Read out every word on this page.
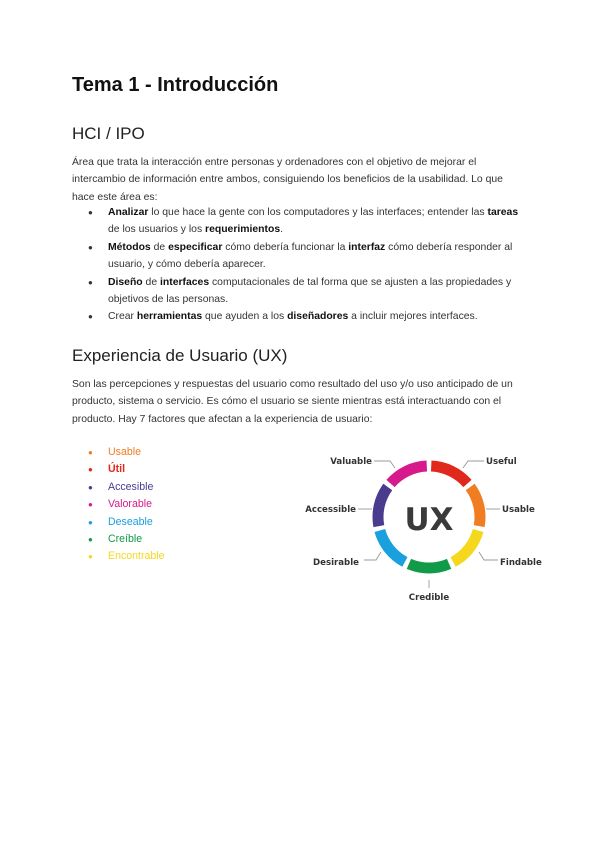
Tema 1 - Introducción
HCI / IPO

Área que trata la interacción entre personas y ordenadores con el objetivo de mejorar el intercambio de información entre ambos, consiguiendo los beneficios de la usabilidad. Lo que hace este área es:

● Analizar lo que hace la gente con los computadores y las interfaces; entender las tareas de los usuarios y los requerimientos.
● Métodos de especificar cómo debería funcionar la interfaz cómo debería responder al usuario, y cómo debería aparecer.
● Diseño de interfaces computacionales de tal forma que se ajusten a las propiedades y objetivos de las personas.
● Crear herramientas que ayuden a los diseñadores a incluir mejores interfaces.
Experiencia de Usuario (UX)

Son las percepciones y respuestas del usuario como resultado del uso y/o uso anticipado de un producto, sistema o servicio. Es cómo el usuario se siente mientras está interactuando con el producto. Hay 7 factores que afectan a la experiencia de usuario:

● Usable
● Útil
● Accesible
● Valorable
● Deseable
● Creíble
● Encontrable
UX
Valuable	Useful
Accessible	Usable
Desirable	Findable
Credible
